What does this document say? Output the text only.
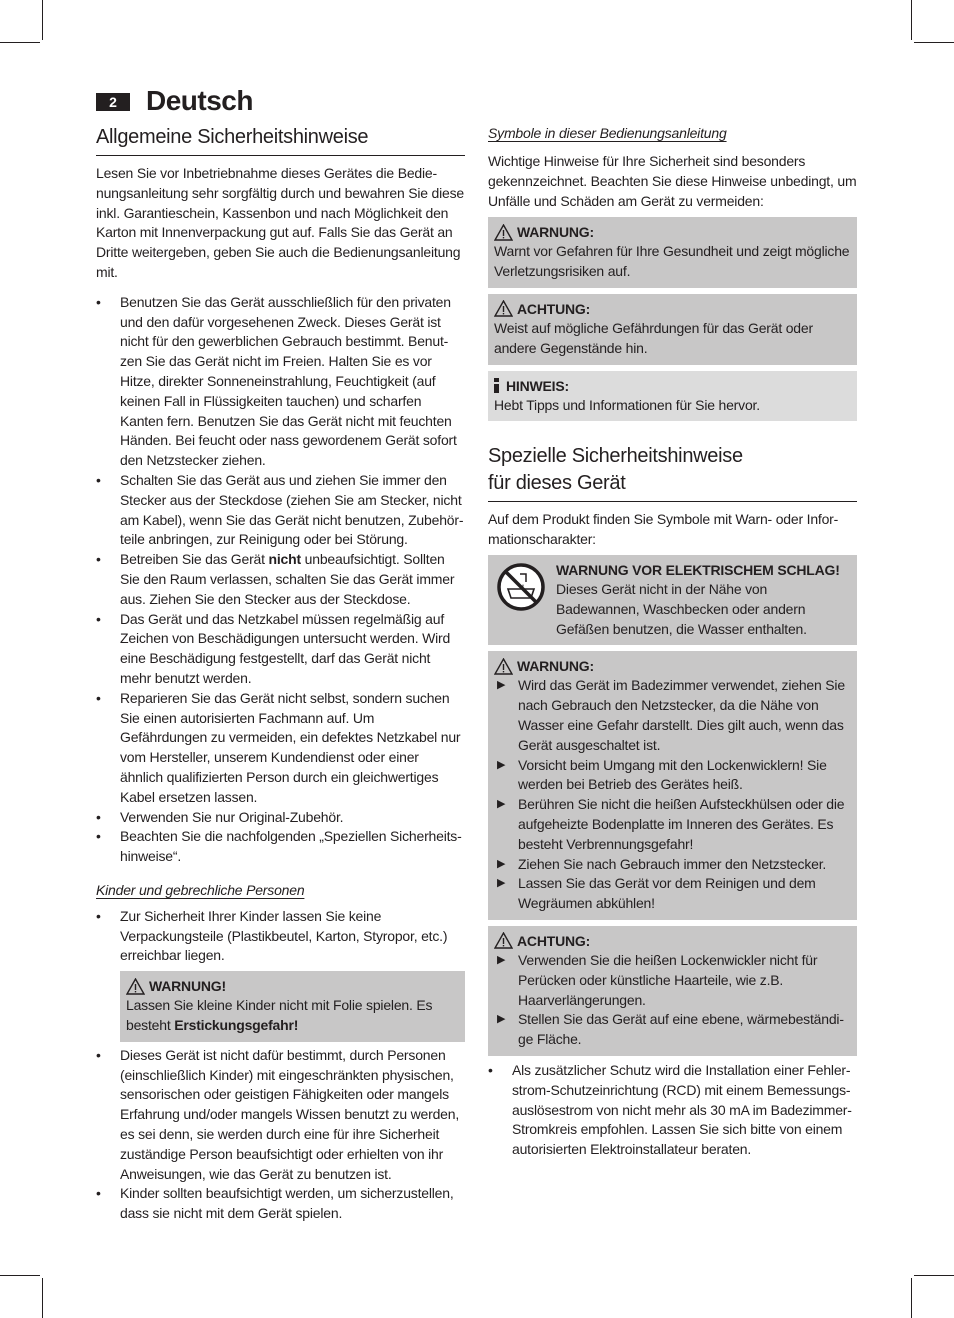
2	Deutsch
Allgemeine Sicherheitshinweise

Lesen Sie vor Inbetriebnahme dieses Gerätes die Bedienungsanleitung sehr sorgfältig durch und bewahren Sie diese inkl. Garantieschein, Kassenbon und nach Möglichkeit den Karton mit Innenverpackung gut auf. Falls Sie das Gerät an Dritte weitergeben, geben Sie auch die Bedienungsanleitung mit.

• Benutzen Sie das Gerät ausschließlich für den privaten und den dafür vorgesehenen Zweck. Dieses Gerät ist nicht für den gewerblichen Gebrauch bestimmt. Benutzen Sie das Gerät nicht im Freien. Halten Sie es vor Hitze, direkter Sonneneinstrahlung, Feuchtigkeit (auf keinen Fall in Flüssigkeiten tauchen) und scharfen Kanten fern. Benutzen Sie das Gerät nicht mit feuchten Händen. Bei feucht oder nass gewordenem Gerät sofort den Netzstecker ziehen.
• Schalten Sie das Gerät aus und ziehen Sie immer den Stecker aus der Steckdose (ziehen Sie am Stecker, nicht am Kabel), wenn Sie das Gerät nicht benutzen, Zubehörteile anbringen, zur Reinigung oder bei Störung.
• Betreiben Sie das Gerät nicht unbeaufsichtigt. Sollten Sie den Raum verlassen, schalten Sie das Gerät immer aus. Ziehen Sie den Stecker aus der Steckdose.
• Das Gerät und das Netzkabel müssen regelmäßig auf Zeichen von Beschädigungen untersucht werden. Wird eine Beschädigung festgestellt, darf das Gerät nicht mehr benutzt werden.
• Reparieren Sie das Gerät nicht selbst, sondern suchen Sie einen autorisierten Fachmann auf. Um Gefährdungen zu vermeiden, ein defektes Netzkabel nur vom Hersteller, unserem Kundendienst oder einer ähnlich qualifizierten Person durch ein gleichwertiges Kabel ersetzen lassen.
• Verwenden Sie nur Original-Zubehör.
• Beachten Sie die nachfolgenden „Speziellen Sicherheitshinweise“.
Kinder und gebrechliche Personen
• Zur Sicherheit Ihrer Kinder lassen Sie keine Verpackungsteile (Plastikbeutel, Karton, Styropor, etc.) erreichbar liegen.
WARNUNG!

Lassen Sie kleine Kinder nicht mit Folie spielen. Es besteht Erstickungsgefahr!

• Dieses Gerät ist nicht dafür bestimmt, durch Personen (einschließlich Kinder) mit eingeschränkten physischen, sensorischen oder geistigen Fähigkeiten oder mangels Erfahrung und/oder mangels Wissen benutzt zu werden, es sei denn, sie werden durch eine für ihre Sicherheit zuständige Person beaufsichtigt oder erhielten von ihr Anweisungen, wie das Gerät zu benutzen ist.
• Kinder sollten beaufsichtigt werden, um sicherzustellen, dass sie nicht mit dem Gerät spielen.
Symbole in dieser Bedienungsanleitung

Wichtige Hinweise für Ihre Sicherheit sind besonders gekennzeichnet. Beachten Sie diese Hinweise unbedingt, um Unfälle und Schäden am Gerät zu vermeiden:

WARNUNG:

Warnt vor Gefahren für Ihre Gesundheit und zeigt mögliche Verletzungsrisiken auf.

ACHTUNG:

Weist auf mögliche Gefährdungen für das Gerät oder andere Gegenstände hin.

HINWEIS:

Hebt Tipps und Informationen für Sie hervor.

Spezielle Sicherheitshinweise
für dieses Gerät

Auf dem Produkt finden Sie Symbole mit Warn- oder Informationscharakter:

WARNUNG VOR ELEKTRISCHEM SCHLAG!

Dieses Gerät nicht in der Nähe von Badewannen, Waschbecken oder andern Gefäßen benutzen, die Wasser enthalten.

WARNUNG:
▶ Wird das Gerät im Badezimmer verwendet, ziehen Sie nach Gebrauch den Netzstecker, da die Nähe von Wasser eine Gefahr darstellt. Dies gilt auch, wenn das Gerät ausgeschaltet ist.
▶ Vorsicht beim Umgang mit den Lockenwicklern! Sie werden bei Betrieb des Gerätes heiß.
▶ Berühren Sie nicht die heißen Aufsteckhülsen oder die aufgeheizte Bodenplatte im Inneren des Gerätes. Es besteht Verbrennungsgefahr!
▶ Ziehen Sie nach Gebrauch immer den Netzstecker.
▶ Lassen Sie das Gerät vor dem Reinigen und dem Wegräumen abkühlen!
ACHTUNG:
▶ Verwenden Sie die heißen Lockenwickler nicht für Perücken oder künstliche Haarteile, wie z.B. Haarverlängerungen.
▶ Stellen Sie das Gerät auf eine ebene, wärmebeständige Fläche.
• Als zusätzlicher Schutz wird die Installation einer Fehlerstrom-Schutzeinrichtung (RCD) mit einem Bemessungsauslösestrom von nicht mehr als 30 mA im Badezimmer-Stromkreis empfohlen. Lassen Sie sich bitte von einem autorisierten Elektroinstallateur beraten.
